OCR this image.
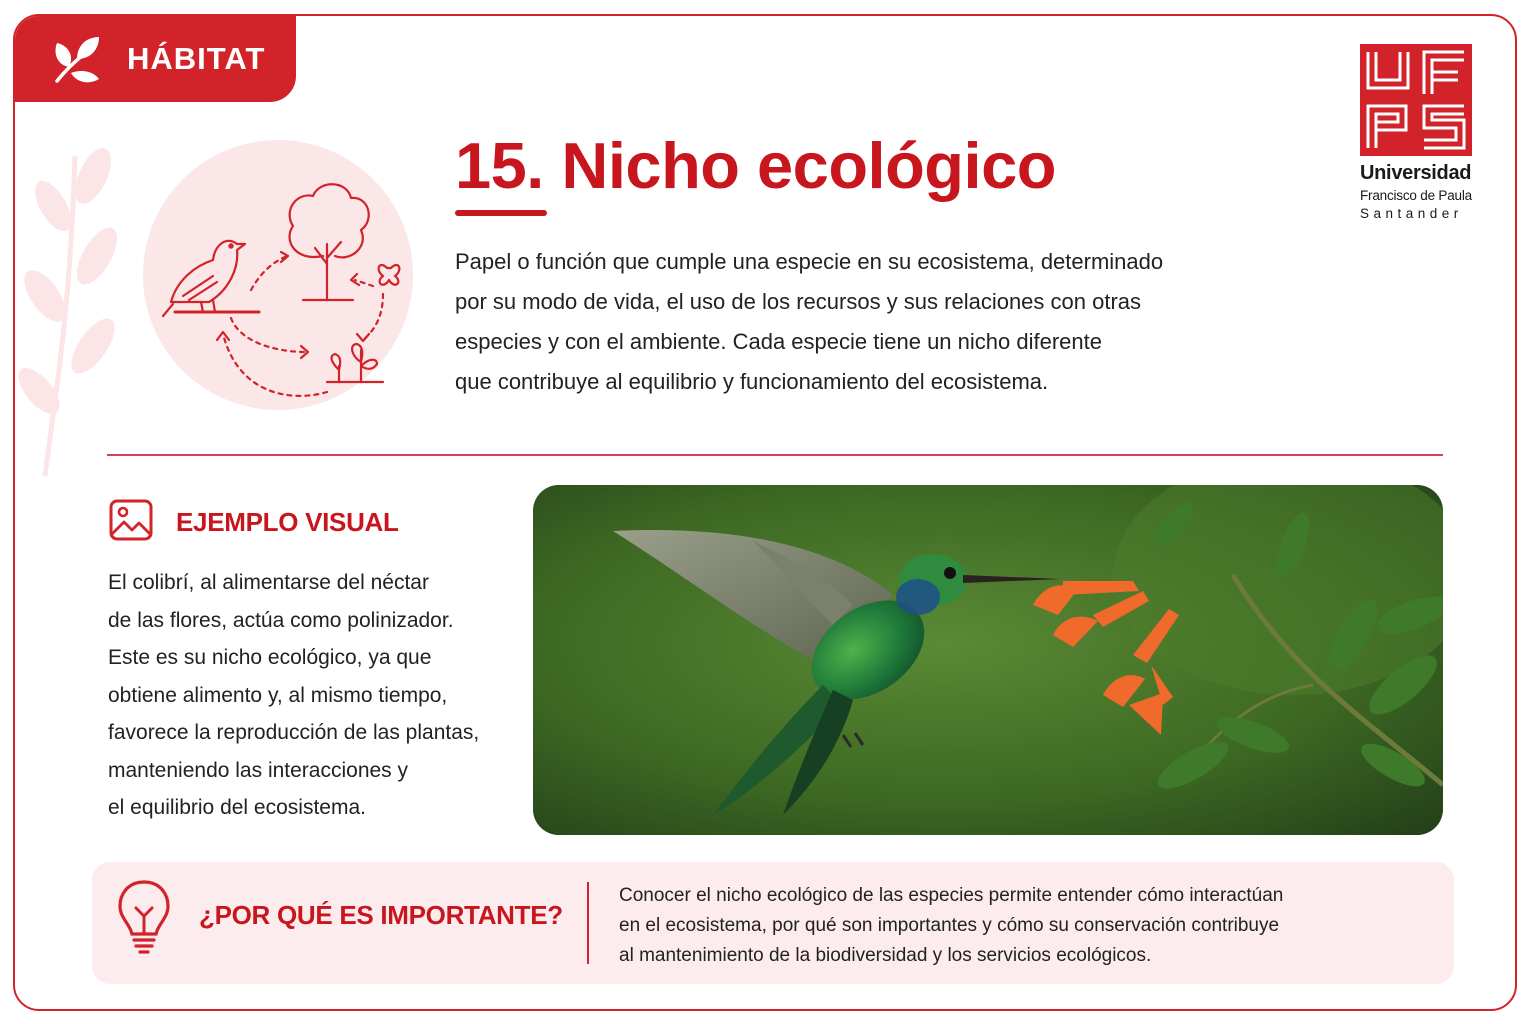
HÁBITAT
Universidad
Francisco de Paula
Santander
15. Nicho ecológico
Papel o función que cumple una especie en su ecosistema, determinado
por su modo de vida, el uso de los recursos y sus relaciones con otras
especies y con el ambiente. Cada especie tiene un nicho diferente
que contribuye al equilibrio y funcionamiento del ecosistema.
EJEMPLO VISUAL
El colibrí, al alimentarse del néctar
de las flores, actúa como polinizador.
Este es su nicho ecológico, ya que
obtiene alimento y, al mismo tiempo,
favorece la reproducción de las plantas,
manteniendo las interacciones y
el equilibrio del ecosistema.
¿POR QUÉ ES IMPORTANTE?
Conocer el nicho ecológico de las especies permite entender cómo interactúan
en el ecosistema, por qué son importantes y cómo su conservación contribuye
al mantenimiento de la biodiversidad y los servicios ecológicos.
